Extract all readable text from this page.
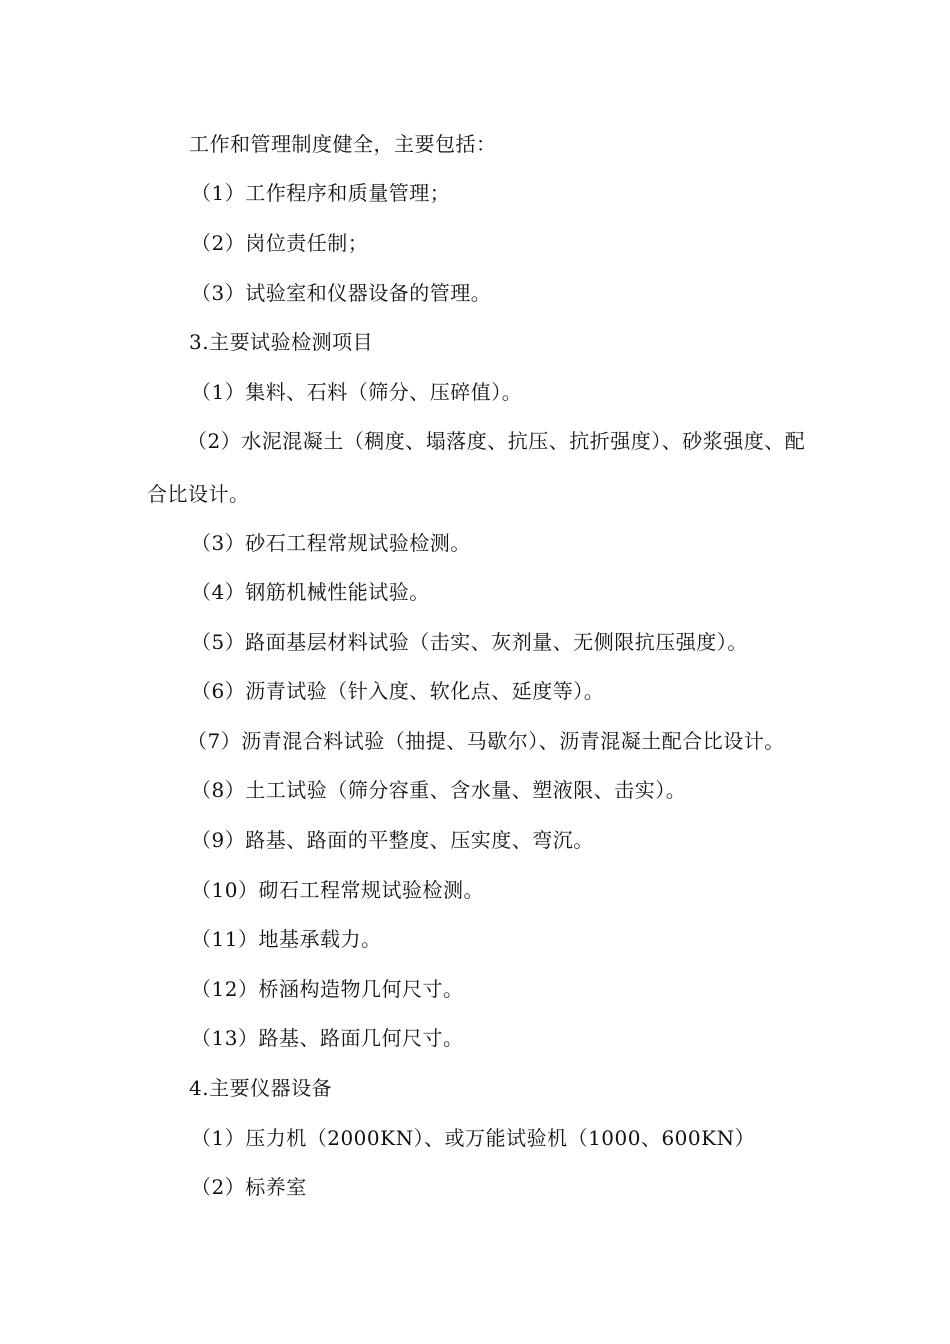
工作和管理制度健全，主要包括：
（1）工作程序和质量管理；
（2）岗位责任制；
（3）试验室和仪器设备的管理。
3.主要试验检测项目
（1）集料、石料（筛分、压碎值）。
（2）水泥混凝土（稠度、塌落度、抗压、抗折强度）、砂浆强度、配
合比设计。
（3）砂石工程常规试验检测。
（4）钢筋机械性能试验。
（5）路面基层材料试验（击实、灰剂量、无侧限抗压强度）。
（6）沥青试验（针入度、软化点、延度等）。
（7）沥青混合料试验（抽提、马歇尔）、沥青混凝土配合比设计。
（8）土工试验（筛分容重、含水量、塑液限、击实）。
（9）路基、路面的平整度、压实度、弯沉。
（10）砌石工程常规试验检测。
（11）地基承载力。
（12）桥涵构造物几何尺寸。
（13）路基、路面几何尺寸。
4.主要仪器设备
（1）压力机（2000KN）、或万能试验机（1000、600KN）
（2）标养室
